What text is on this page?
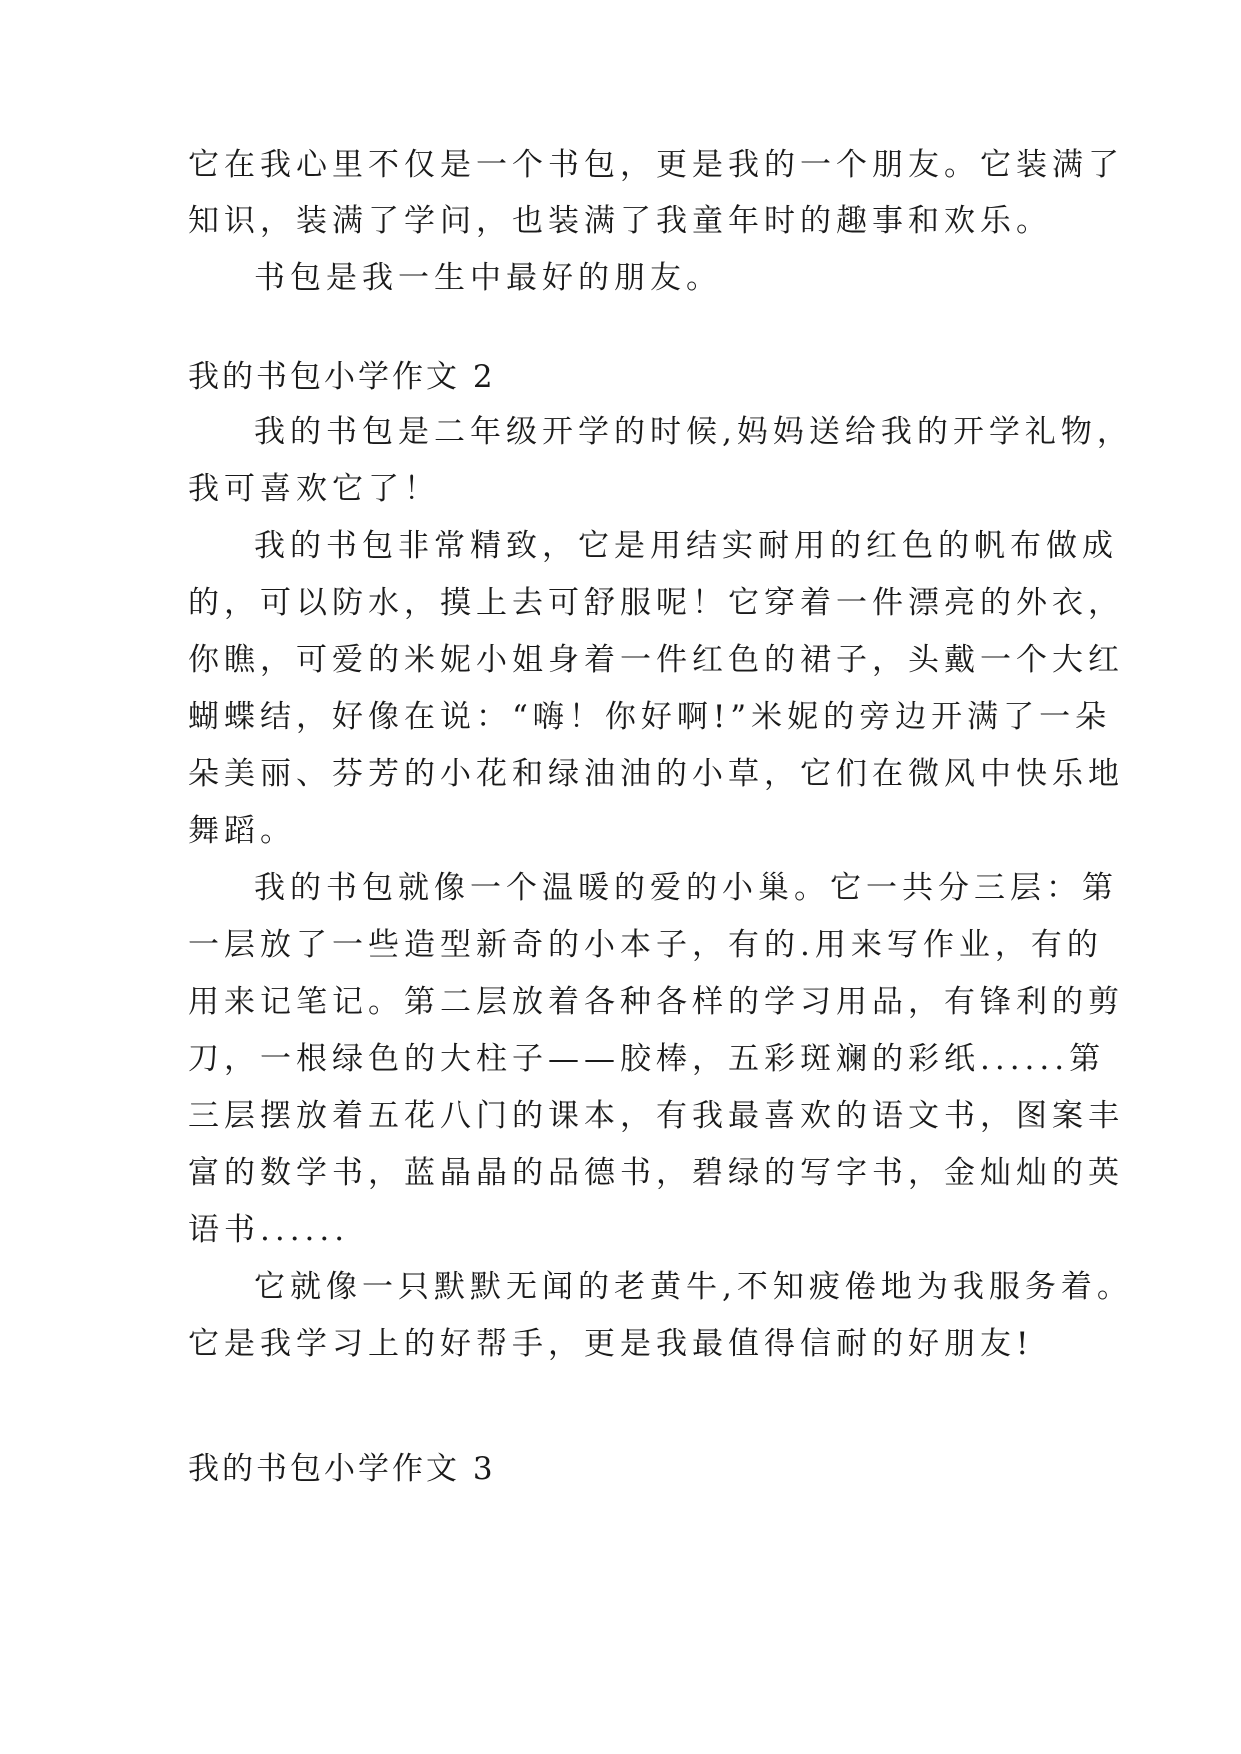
它在我心里不仅是一个书包，更是我的一个朋友。它装满了
知识，装满了学问，也装满了我童年时的趣事和欢乐。
书包是我一生中最好的朋友。
我的书包小学作文 2
我的书包是二年级开学的时候,妈妈送给我的开学礼物，
我可喜欢它了！
我的书包非常精致，它是用结实耐用的红色的帆布做成
的，可以防水，摸上去可舒服呢！它穿着一件漂亮的外衣，
你瞧，可爱的米妮小姐身着一件红色的裙子，头戴一个大红
蝴蝶结，好像在说：“嗨！你好啊!”米妮的旁边开满了一朵
朵美丽、芬芳的小花和绿油油的小草，它们在微风中快乐地
舞蹈。
我的书包就像一个温暖的爱的小巢。它一共分三层：第
一层放了一些造型新奇的小本子，有的.用来写作业，有的
用来记笔记。第二层放着各种各样的学习用品，有锋利的剪
刀，一根绿色的大柱子——胶棒，五彩斑斓的彩纸......第
三层摆放着五花八门的课本，有我最喜欢的语文书，图案丰
富的数学书，蓝晶晶的品德书，碧绿的写字书，金灿灿的英
语书......
它就像一只默默无闻的老黄牛,不知疲倦地为我服务着。
它是我学习上的好帮手，更是我最值得信耐的好朋友!
我的书包小学作文 3
